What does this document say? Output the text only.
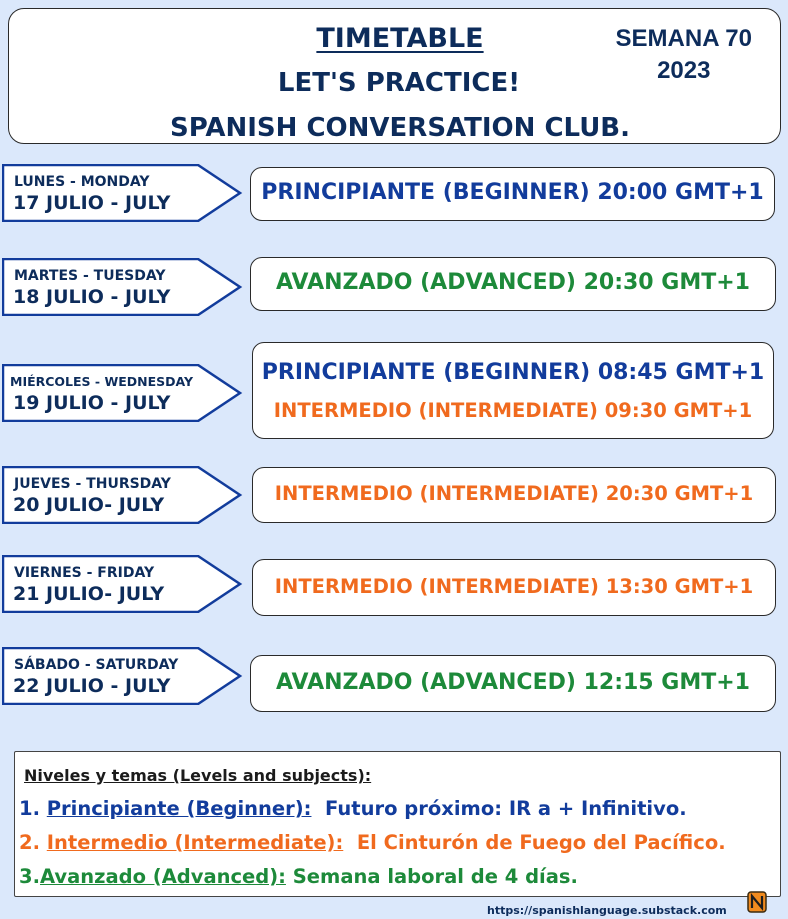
TIMETABLE

LET'S PRACTICE!

SPANISH CONVERSATION CLUB.

SEMANA 70
2023
LUNES - MONDAY
17 JULIO - JULY
MARTES - TUESDAY
18 JULIO - JULY
MIÉRCOLES - WEDNESDAY
19 JULIO - JULY
JUEVES - THURSDAY
20 JULIO- JULY
VIERNES - FRIDAY
21 JULIO- JULY
SÁBADO - SATURDAY
22 JULIO - JULY
PRINCIPIANTE (BEGINNER) 20:00 GMT+1
AVANZADO (ADVANCED) 20:30 GMT+1
PRINCIPIANTE (BEGINNER) 08:45 GMT+1
INTERMEDIO (INTERMEDIATE) 09:30 GMT+1
INTERMEDIO (INTERMEDIATE) 20:30 GMT+1
INTERMEDIO (INTERMEDIATE) 13:30 GMT+1
AVANZADO (ADVANCED) 12:15 GMT+1
Niveles y temas (Levels and subjects):
1. Principiante (Beginner):  Futuro próximo: IR a + Infinitivo.
2. Intermedio (Intermediate):  El Cinturón de Fuego del Pacífico.
3.Avanzado (Advanced): Semana laboral de 4 días.
https://spanishlanguage.substack.com
